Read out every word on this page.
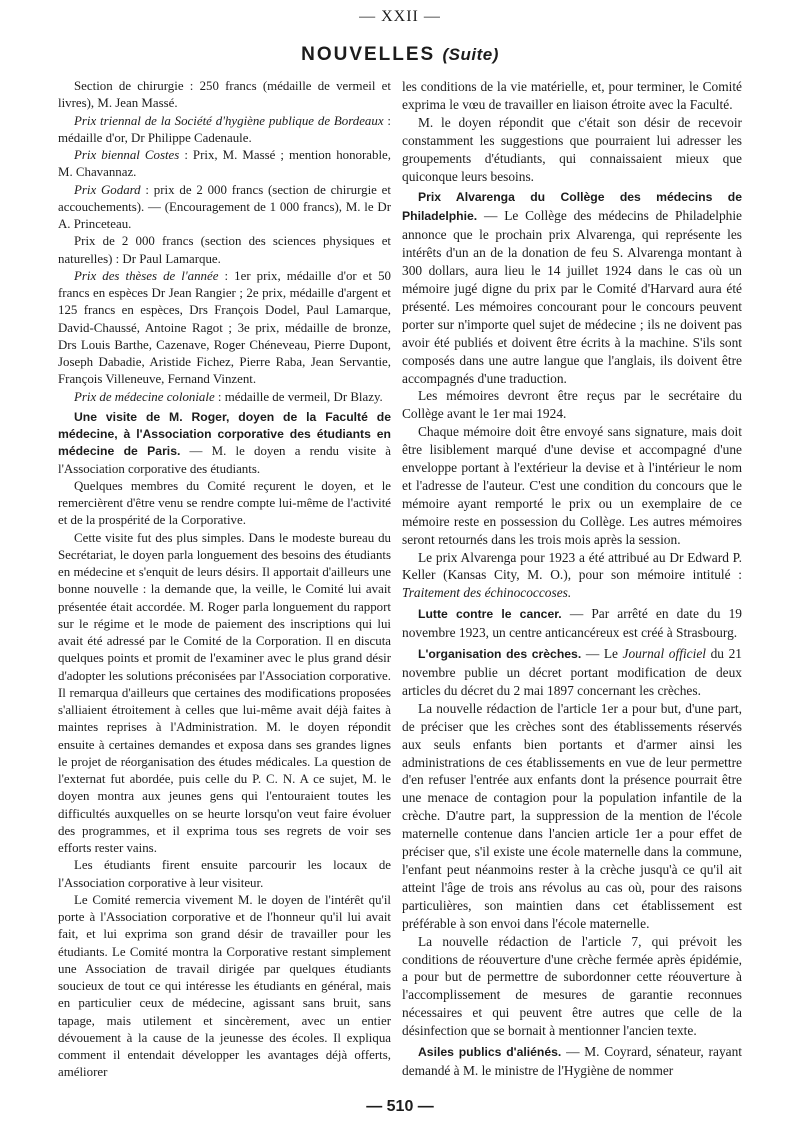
— XXII —
NOUVELLES (Suite)

Section de chirurgie : 250 francs (médaille de vermeil et livres), M. Jean Massé.

Prix triennal de la Société d'hygiène publique de Bordeaux : médaille d'or, Dr Philippe Cadenaule.

Prix biennal Costes : Prix, M. Massé ; mention honorable, M. Chavannaz.

Prix Godard : prix de 2 000 francs (section de chirurgie et accouchements). — (Encouragement de 1 000 francs), M. le Dr A. Princeteau.

Prix de 2 000 francs (section des sciences physiques et naturelles) : Dr Paul Lamarque.

Prix des thèses de l'année : 1er prix, médaille d'or et 50 francs en espèces Dr Jean Rangier ; 2e prix, médaille d'argent et 125 francs en espèces, Drs François Dodel, Paul Lamarque, David-Chaussé, Antoine Ragot ; 3e prix, médaille de bronze, Drs Louis Barthe, Cazenave, Roger Chéneveau, Pierre Dupont, Joseph Dabadie, Aristide Fichez, Pierre Raba, Jean Servantie, François Villeneuve, Fernand Vinzent.

Prix de médecine coloniale : médaille de vermeil, Dr Blazy.

Une visite de M. Roger, doyen de la Faculté de médecine, à l'Association corporative des étudiants en médecine de Paris. — M. le doyen a rendu visite à l'Association corporative des étudiants.

Quelques membres du Comité reçurent le doyen, et le remercièrent d'être venu se rendre compte lui-même de l'activité et de la prospérité de la Corporative.

Cette visite fut des plus simples. Dans le modeste bureau du Secrétariat, le doyen parla longuement des besoins des étudiants en médecine et s'enquit de leurs désirs. Il apportait d'ailleurs une bonne nouvelle : la demande que, la veille, le Comité lui avait présentée était accordée. M. Roger parla longuement du rapport sur le régime et le mode de paiement des inscriptions qui lui avait été adressé par le Comité de la Corporation. Il en discuta quelques points et promit de l'examiner avec le plus grand désir d'adopter les solutions préconisées par l'Association corporative. Il remarqua d'ailleurs que certaines des modifications proposées s'alliaient étroitement à celles que lui-même avait déjà faites à maintes reprises à l'Administration. M. le doyen répondit ensuite à certaines demandes et exposa dans ses grandes lignes le projet de réorganisation des études médicales. La question de l'externat fut abordée, puis celle du P. C. N. A ce sujet, M. le doyen montra aux jeunes gens qui l'entouraient toutes les difficultés auxquelles on se heurte lorsqu'on veut faire évoluer des programmes, et il exprima tous ses regrets de voir ses efforts rester vains.

Les étudiants firent ensuite parcourir les locaux de l'Association corporative à leur visiteur.

Le Comité remercia vivement M. le doyen de l'intérêt qu'il porte à l'Association corporative et de l'honneur qu'il lui avait fait, et lui exprima son grand désir de travailler pour les étudiants. Le Comité montra la Corporative restant simplement une Association de travail dirigée par quelques étudiants soucieux de tout ce qui intéresse les étudiants en général, mais en particulier ceux de médecine, agissant sans bruit, sans tapage, mais utilement et sincèrement, avec un entier dévouement à la cause de la jeunesse des écoles. Il expliqua comment il entendait développer les avantages déjà offerts, améliorer

les conditions de la vie matérielle, et, pour terminer, le Comité exprima le vœu de travailler en liaison étroite avec la Faculté.

M. le doyen répondit que c'était son désir de recevoir constamment les suggestions que pourraient lui adresser les groupements d'étudiants, qui connaissaient mieux que quiconque leurs besoins.

Prix Alvarenga du Collège des médecins de Philadelphie. — Le Collège des médecins de Philadelphie annonce que le prochain prix Alvarenga, qui représente les intérêts d'un an de la donation de feu S. Alvarenga montant à 300 dollars, aura lieu le 14 juillet 1924 dans le cas où un mémoire jugé digne du prix par le Comité d'Harvard aura été présenté. Les mémoires concourant pour le concours peuvent porter sur n'importe quel sujet de médecine ; ils ne doivent pas avoir été publiés et doivent être écrits à la machine. S'ils sont composés dans une autre langue que l'anglais, ils doivent être accompagnés d'une traduction.

Les mémoires devront être reçus par le secrétaire du Collège avant le 1er mai 1924.

Chaque mémoire doit être envoyé sans signature, mais doit être lisiblement marqué d'une devise et accompagné d'une enveloppe portant à l'extérieur la devise et à l'intérieur le nom et l'adresse de l'auteur. C'est une condition du concours que le mémoire ayant remporté le prix ou un exemplaire de ce mémoire reste en possession du Collège. Les autres mémoires seront retournés dans les trois mois après la session.

Le prix Alvarenga pour 1923 a été attribué au Dr Edward P. Keller (Kansas City, M. O.), pour son mémoire intitulé : Traitement des échinococcoses.

Lutte contre le cancer. — Par arrêté en date du 19 novembre 1923, un centre anticancéreux est créé à Strasbourg.

L'organisation des crèches. — Le Journal officiel du 21 novembre publie un décret portant modification de deux articles du décret du 2 mai 1897 concernant les crèches.

La nouvelle rédaction de l'article 1er a pour but, d'une part, de préciser que les crèches sont des établissements réservés aux seuls enfants bien portants et d'armer ainsi les administrations de ces établissements en vue de leur permettre d'en refuser l'entrée aux enfants dont la présence pourrait être une menace de contagion pour la population infantile de la crèche. D'autre part, la suppression de la mention de l'école maternelle contenue dans l'ancien article 1er a pour effet de préciser que, s'il existe une école maternelle dans la commune, l'enfant peut néanmoins rester à la crèche jusqu'à ce qu'il ait atteint l'âge de trois ans révolus au cas où, pour des raisons particulières, son maintien dans cet établissement est préférable à son envoi dans l'école maternelle.

La nouvelle rédaction de l'article 7, qui prévoit les conditions de réouverture d'une crèche fermée après épidémie, a pour but de permettre de subordonner cette réouverture à l'accomplissement de mesures de garantie reconnues nécessaires et qui peuvent être autres que celle de la désinfection que se bornait à mentionner l'ancien texte.

Asiles publics d'aliénés. — M. Coyrard, sénateur, rayant demandé à M. le ministre de l'Hygiène de nommer

— 510 —
